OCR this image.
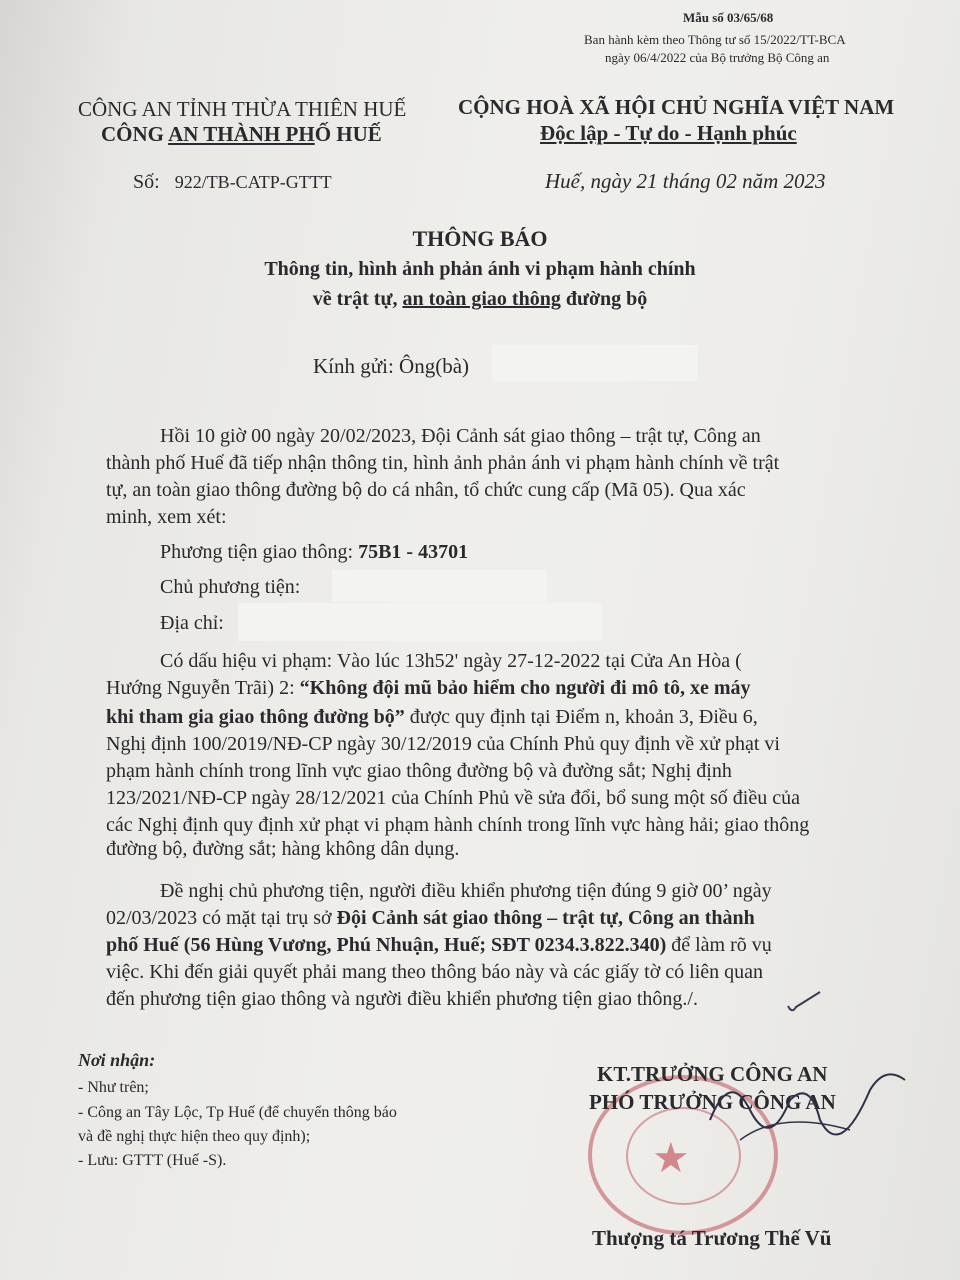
Mẫu số 03/65/68
Ban hành kèm theo Thông tư số 15/2022/TT-BCA
ngày 06/4/2022 của Bộ trưởng Bộ Công an
CÔNG AN TỈNH THỪA THIÊN HUẾ
CÔNG AN THÀNH PHỐ HUẾ
Số: 922/TB-CATP-GTTT
CỘNG HOÀ XÃ HỘI CHỦ NGHĨA VIỆT NAM
Độc lập - Tự do - Hạnh phúc
Huế, ngày 21 tháng 02 năm 2023
THÔNG BÁO
Thông tin, hình ảnh phản ánh vi phạm hành chính
về trật tự, an toàn giao thông đường bộ
Kính gửi: Ông(bà)
Hồi 10 giờ 00 ngày 20/02/2023, Đội Cảnh sát giao thông – trật tự, Công an
thành phố Huế đã tiếp nhận thông tin, hình ảnh phản ánh vi phạm hành chính về trật
tự, an toàn giao thông đường bộ do cá nhân, tổ chức cung cấp (Mã 05). Qua xác
minh, xem xét:
Phương tiện giao thông: 75B1 - 43701
Chủ phương tiện:
Địa chỉ:
Có dấu hiệu vi phạm: Vào lúc 13h52' ngày 27-12-2022 tại Cửa An Hòa (
Hướng Nguyễn Trãi) 2: “Không đội mũ bảo hiểm cho người đi mô tô, xe máy
khi tham gia giao thông đường bộ” được quy định tại Điểm n, khoản 3, Điều 6,
Nghị định 100/2019/NĐ-CP ngày 30/12/2019 của Chính Phủ quy định về xử phạt vi
phạm hành chính trong lĩnh vực giao thông đường bộ và đường sắt; Nghị định
123/2021/NĐ-CP ngày 28/12/2021 của Chính Phủ về sửa đổi, bổ sung một số điều của
các Nghị định quy định xử phạt vi phạm hành chính trong lĩnh vực hàng hải; giao thông
đường bộ, đường sắt; hàng không dân dụng.
Đề nghị chủ phương tiện, người điều khiển phương tiện đúng 9 giờ 00’ ngày
02/03/2023 có mặt tại trụ sở Đội Cảnh sát giao thông – trật tự, Công an thành
phố Huế (56 Hùng Vương, Phú Nhuận, Huế; SĐT 0234.3.822.340) để làm rõ vụ
việc. Khi đến giải quyết phải mang theo thông báo này và các giấy tờ có liên quan
đến phương tiện giao thông và người điều khiển phương tiện giao thông./.
Nơi nhận:
- Như trên;
- Công an Tây Lộc, Tp Huế (để chuyển thông báo
và đề nghị thực hiện theo quy định);
- Lưu: GTTT (Huế -S).	★
KT.TRƯỞNG CÔNG AN
PHÓ TRƯỞNG CÔNG AN
Thượng tá Trương Thế Vũ
